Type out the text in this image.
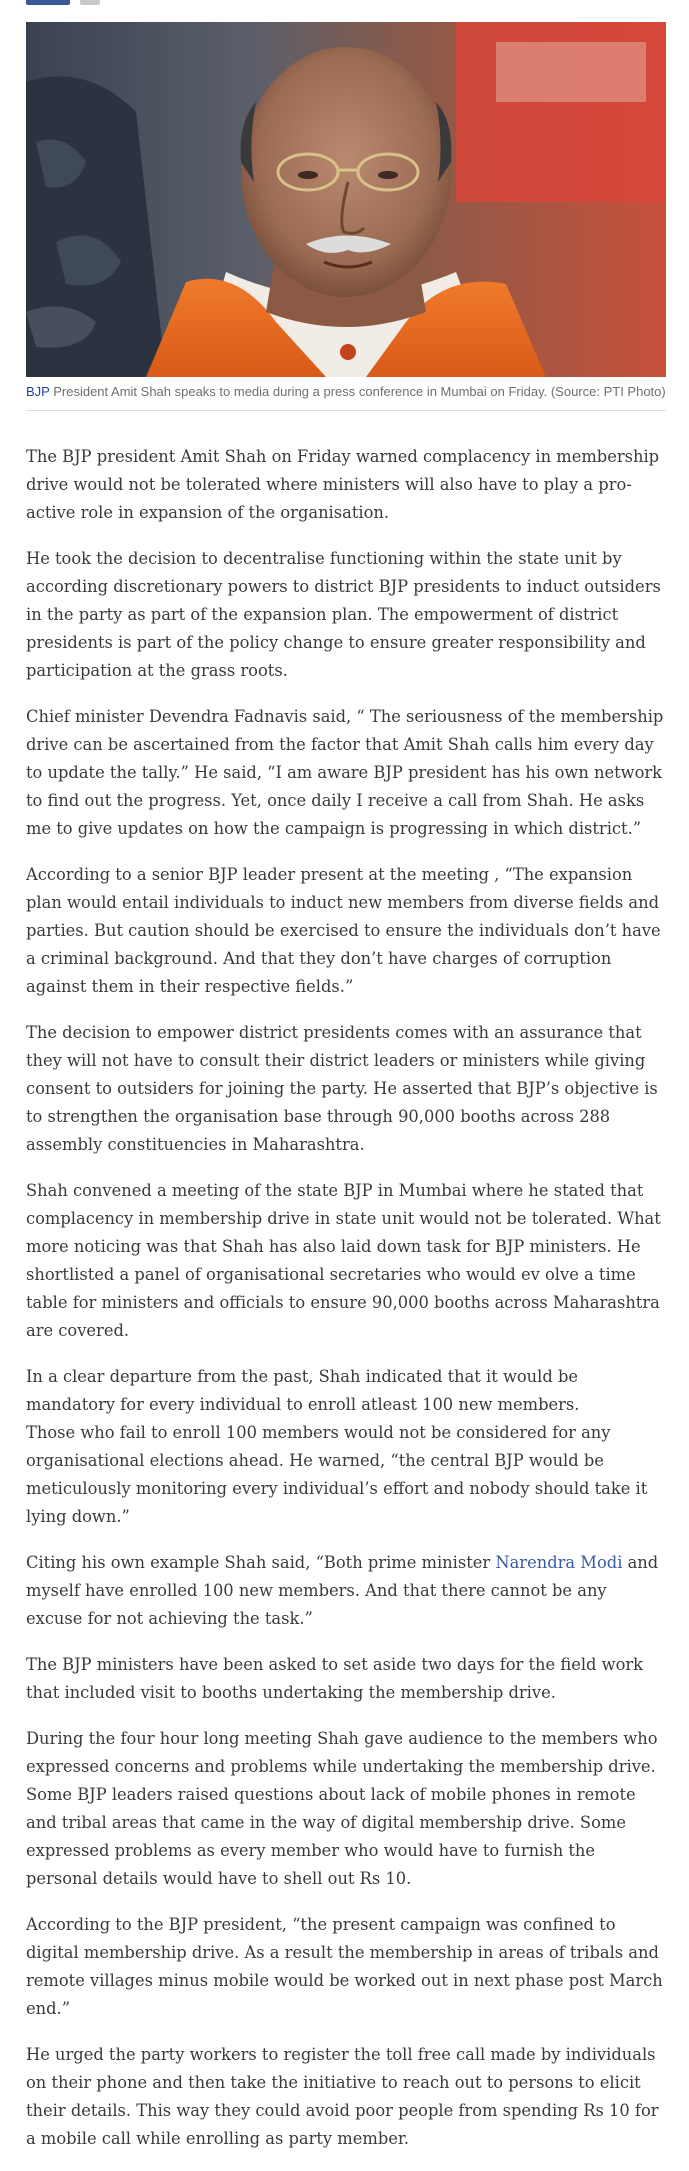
BJP President Amit Shah speaks to media during a press conference in Mumbai on Friday. (Source: PTI Photo)

The BJP president Amit Shah on Friday warned complacency in membership drive would not be tolerated where ministers will also have to play a pro-active role in expansion of the organisation.

He took the decision to decentralise functioning within the state unit by according discretionary powers to district BJP presidents to induct outsiders in the party as part of the expansion plan. The empowerment of district presidents is part of the policy change to ensure greater responsibility and participation at the grass roots.

Chief minister Devendra Fadnavis said, “ The seriousness of the membership drive can be ascertained from the factor that Amit Shah calls him every day to update the tally.” He said, “I am aware BJP president has his own network to find out the progress. Yet, once daily I receive a call from Shah. He asks me to give updates on how the campaign is progressing in which district.”

According to a senior BJP leader present at the meeting , “The expansion plan would entail individuals to induct new members from diverse fields and parties. But caution should be exercised to ensure the individuals don’t have a criminal background. And that they don’t have charges of corruption against them in their respective fields.”

The decision to empower district presidents comes with an assurance that they will not have to consult their district leaders or ministers while giving consent to outsiders for joining the party. He asserted that BJP’s objective is to strengthen the organisation base through 90,000 booths across 288 assembly constituencies in Maharashtra.

Shah convened a meeting of the state BJP in Mumbai where he stated that complacency in membership drive in state unit would not be tolerated. What more noticing was that Shah has also laid down task for BJP ministers. He shortlisted a panel of organisational secretaries who would ev olve a time table for ministers and officials to ensure 90,000 booths across Maharashtra are covered.

In a clear departure from the past, Shah indicated that it would be mandatory for every individual to enroll atleast 100 new members.
Those who fail to enroll 100 members would not be considered for any organisational elections ahead. He warned, “the central BJP would be meticulously monitoring every individual’s effort and nobody should take it lying down.”

Citing his own example Shah said, “Both prime minister Narendra Modi and myself have enrolled 100 new members. And that there cannot be any excuse for not achieving the task.”

The BJP ministers have been asked to set aside two days for the field work that included visit to booths undertaking the membership drive.

During the four hour long meeting Shah gave audience to the members who expressed concerns and problems while undertaking the membership drive. Some BJP leaders raised questions about lack of mobile phones in remote and tribal areas that came in the way of digital membership drive. Some expressed problems as every member who would have to furnish the personal details would have to shell out Rs 10.

According to the BJP president, “the present campaign was confined to digital membership drive. As a result the membership in areas of tribals and remote villages minus mobile would be worked out in next phase post March end.”

He urged the party workers to register the toll free call made by individuals on their phone and then take the initiative to reach out to persons to elicit their details. This way they could avoid poor people from spending Rs 10 for a mobile call while enrolling as party member.
